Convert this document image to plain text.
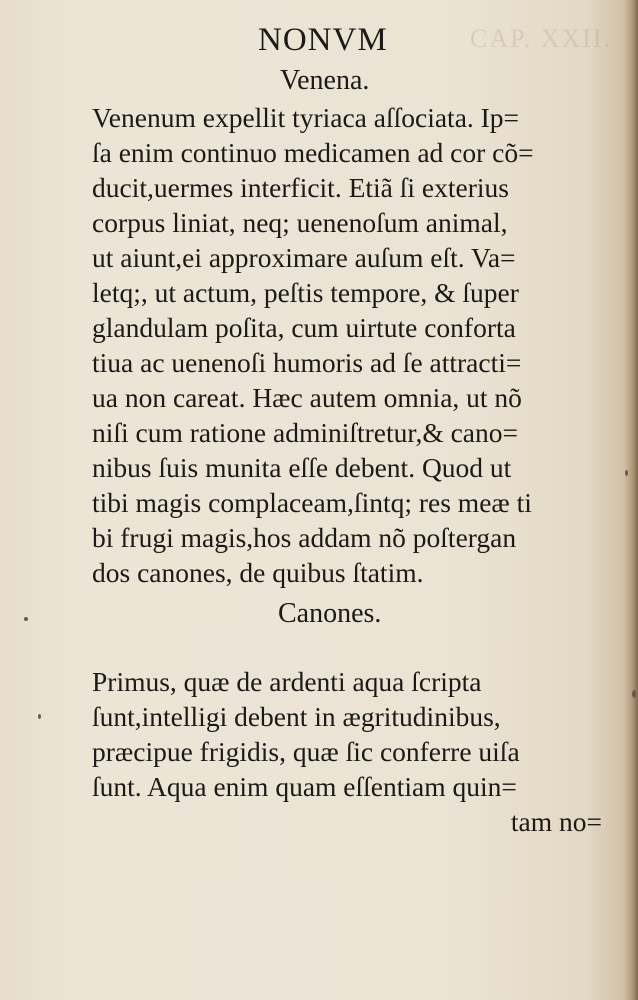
CAP. XXII.
NONVM
Venena.
Venenum expellit tyriaca aſſociata. Ip=
ſa enim continuo medicamen ad cor cõ=
ducit,uermes interficit. Etiã ſi exterius
corpus liniat, neq; uenenoſum animal,
ut aiunt,ei approximare auſum eſt. Va=
letq;, ut actum, peſtis tempore, & ſuper
glandulam poſita, cum uirtute conforta
tiua ac uenenoſi humoris ad ſe attracti=
ua non careat. Hæc autem omnia, ut nõ
niſi cum ratione adminiſtretur,& cano=
nibus ſuis munita eſſe debent. Quod ut
tibi magis complaceam,ſintq; res meæ ti
bi frugi magis,hos addam nõ poſtergan
dos canones, de quibus ſtatim.
Canones.
Primus, quæ de ardenti aqua ſcripta
ſunt,intelligi debent in ægritudinibus,
præcipue frigidis, quæ ſic conferre uiſa
ſunt. Aqua enim quam eſſentiam quin=
tam no=
